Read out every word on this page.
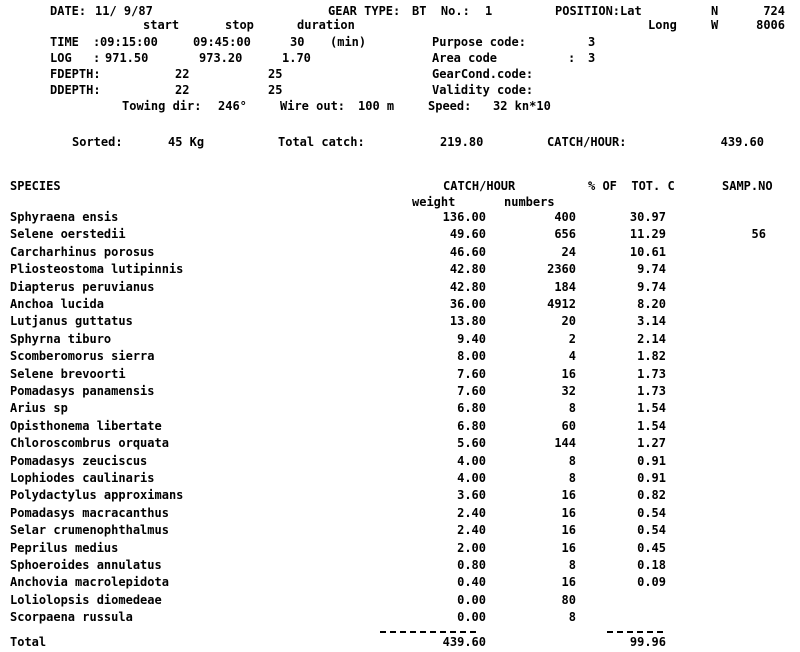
DATE: 11/ 9/87	GEAR TYPE: BT  No.: 1	POSITION:Lat	N	724
start	stop	duration	Long	W	8006
TIME : 09:15:00	09:45:00	30 (min)	Purpose code:	3
LOG : 971.50	973.20	1.70	Area code	: 3
FDEPTH:	22	25	GearCond.code:
DDEPTH:	22	25	Validity code:
Towing dir: 246°	Wire out: 100 m	Speed: 32 kn*10
Sorted:	45 Kg	Total catch:	219.80	CATCH/HOUR:	439.60
SPECIES	CATCH/HOUR	% OF  TOT. C	SAMP.NO
weight	numbers
Sphyraena ensis	136.00	400	30.97
Selene oerstedii	49.60	656	11.29	56
Carcharhinus porosus	46.60	24	10.61
Pliosteostoma lutipinnis	42.80	2360	9.74
Diapterus peruvianus	42.80	184	9.74
Anchoa lucida	36.00	4912	8.20
Lutjanus guttatus	13.80	20	3.14
Sphyrna tiburo	9.40	2	2.14
Scomberomorus sierra	8.00	4	1.82
Selene brevoorti	7.60	16	1.73
Pomadasys panamensis	7.60	32	1.73
Arius sp	6.80	8	1.54
Opisthonema libertate	6.80	60	1.54
Chloroscombrus orquata	5.60	144	1.27
Pomadasys zeuciscus	4.00	8	0.91
Lophiodes caulinaris	4.00	8	0.91
Polydactylus approximans	3.60	16	0.82
Pomadasys macracanthus	2.40	16	0.54
Selar crumenophthalmus	2.40	16	0.54
Peprilus medius	2.00	16	0.45
Sphoeroides annulatus	0.80	8	0.18
Anchovia macrolepidota	0.40	16	0.09
Loliolopsis diomedeae	0.00	80
Scorpaena russula	0.00	8
Total	439.60	99.96
